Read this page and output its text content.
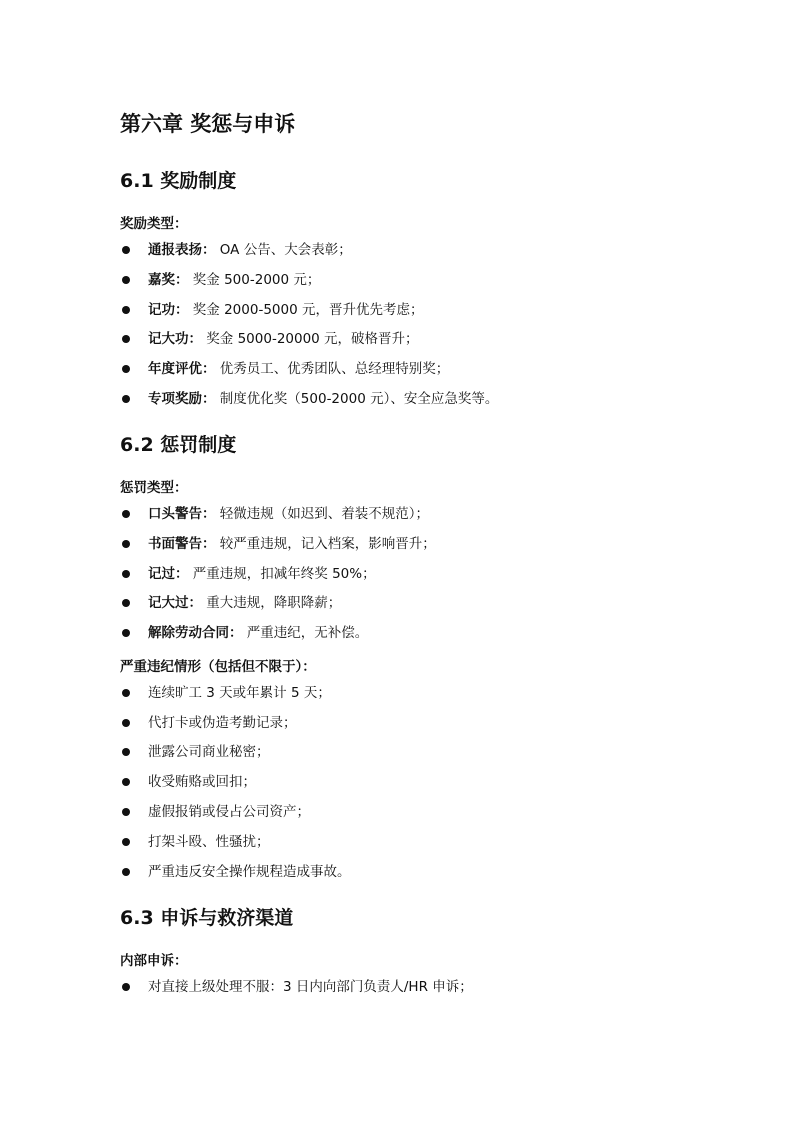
第六章 奖惩与申诉
6.1 奖励制度
奖励类型：
通报表扬： OA 公告、大会表彰；
嘉奖： 奖金 500-2000 元；
记功： 奖金 2000-5000 元，晋升优先考虑；
记大功： 奖金 5000-20000 元，破格晋升；
年度评优： 优秀员工、优秀团队、总经理特别奖；
专项奖励： 制度优化奖（500-2000 元）、安全应急奖等。
6.2 惩罚制度
惩罚类型：
口头警告： 轻微违规（如迟到、着装不规范）；
书面警告： 较严重违规，记入档案，影响晋升；
记过： 严重违规，扣减年终奖 50%；
记大过： 重大违规，降职降薪；
解除劳动合同： 严重违纪，无补偿。
严重违纪情形（包括但不限于）：
连续旷工 3 天或年累计 5 天；
代打卡或伪造考勤记录；
泄露公司商业秘密；
收受贿赂或回扣；
虚假报销或侵占公司资产；
打架斗殴、性骚扰；
严重违反安全操作规程造成事故。
6.3 申诉与救济渠道
内部申诉：
对直接上级处理不服：3 日内向部门负责人/HR 申诉；
